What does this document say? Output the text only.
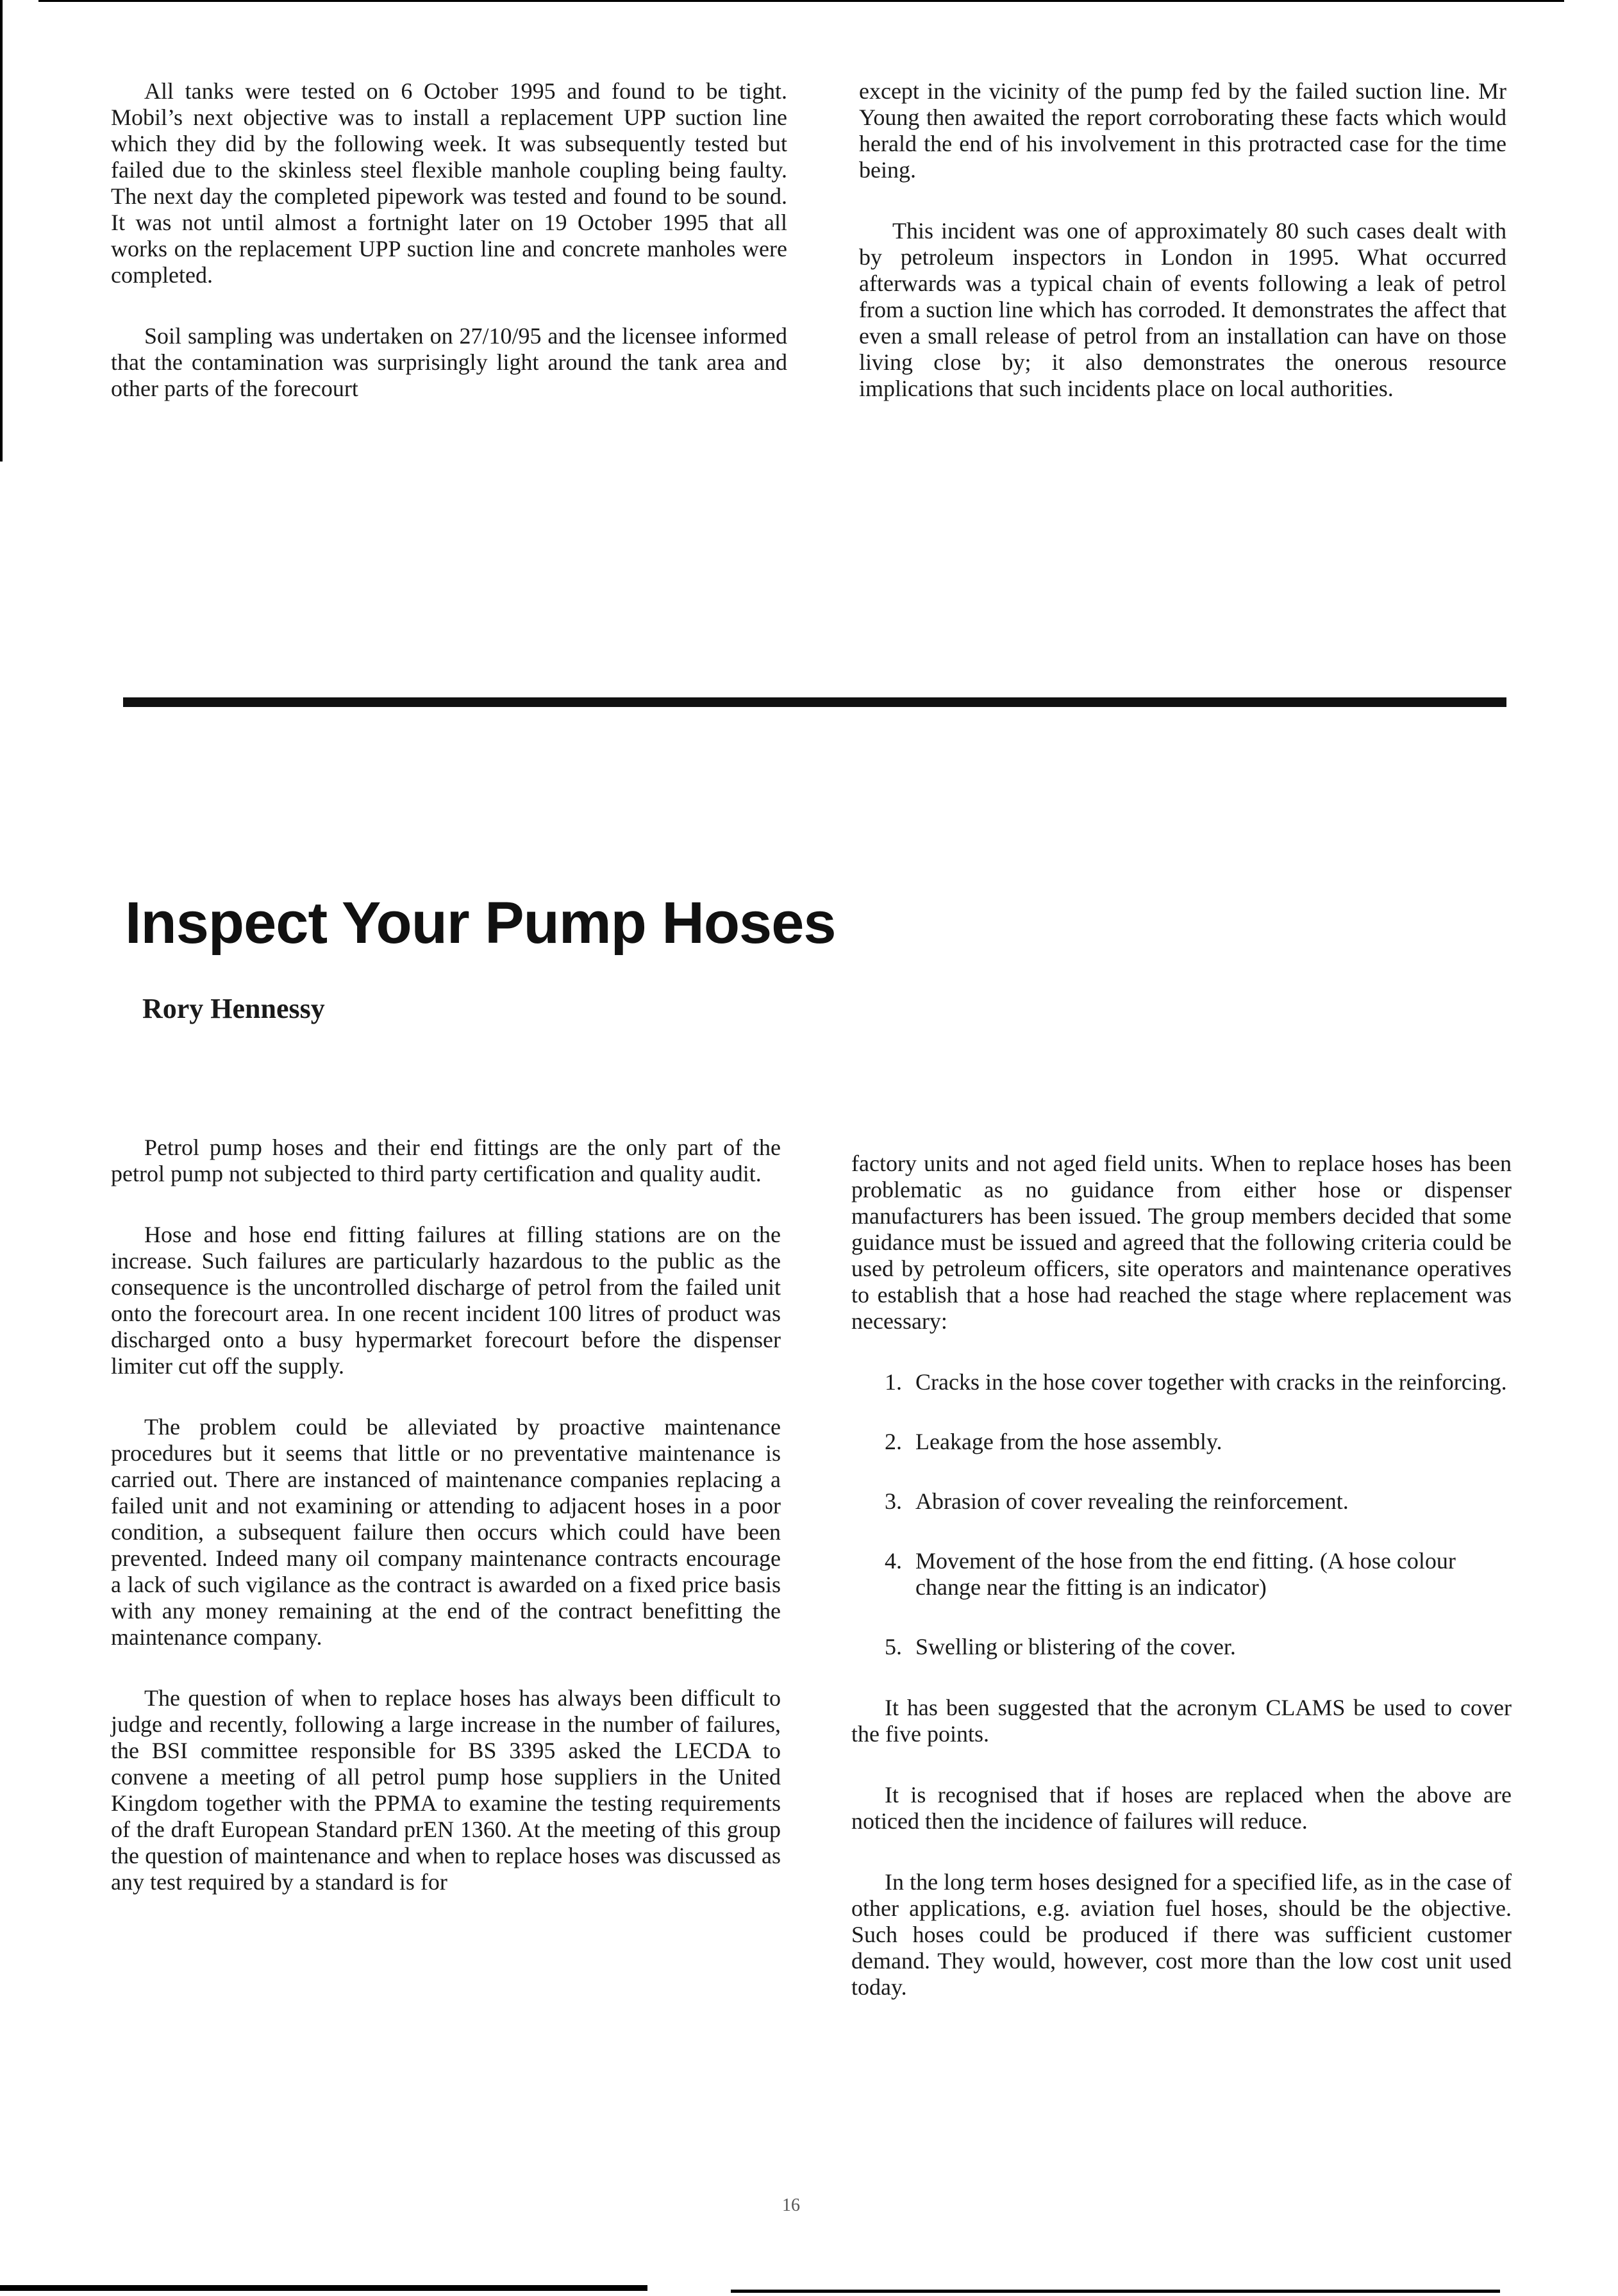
All tanks were tested on 6 October 1995 and found to be tight. Mobil’s next objective was to install a replacement UPP suction line which they did by the following week. It was subsequently tested but failed due to the skinless steel flexible manhole coupling being faulty. The next day the completed pipework was tested and found to be sound. It was not until almost a fortnight later on 19 October 1995 that all works on the replacement UPP suction line and concrete manholes were completed.

Soil sampling was undertaken on 27/10/95 and the licensee informed that the contamination was surprisingly light around the tank area and other parts of the forecourt

except in the vicinity of the pump fed by the failed suction line. Mr Young then awaited the report corroborating these facts which would herald the end of his involvement in this protracted case for the time being.

This incident was one of approximately 80 such cases dealt with by petroleum inspectors in London in 1995. What occurred afterwards was a typical chain of events following a leak of petrol from a suction line which has corroded. It demonstrates the affect that even a small release of petrol from an installation can have on those living close by; it also demonstrates the onerous resource implications that such incidents place on local authorities.

Inspect Your Pump Hoses
Rory Hennessy

Petrol pump hoses and their end fittings are the only part of the petrol pump not subjected to third party certification and quality audit.

Hose and hose end fitting failures at filling stations are on the increase. Such failures are particularly hazardous to the public as the consequence is the uncontrolled discharge of petrol from the failed unit onto the forecourt area. In one recent incident 100 litres of product was discharged onto a busy hypermarket forecourt before the dispenser limiter cut off the supply.

The problem could be alleviated by proactive maintenance procedures but it seems that little or no preventative maintenance is carried out. There are instanced of maintenance companies replacing a failed unit and not examining or attending to adjacent hoses in a poor condition, a subsequent failure then occurs which could have been prevented. Indeed many oil company maintenance contracts encourage a lack of such vigilance as the contract is awarded on a fixed price basis with any money remaining at the end of the contract benefitting the maintenance company.

The question of when to replace hoses has always been difficult to judge and recently, following a large increase in the number of failures, the BSI committee responsible for BS 3395 asked the LECDA to convene a meeting of all petrol pump hose suppliers in the United Kingdom together with the PPMA to examine the testing requirements of the draft European Standard prEN 1360. At the meeting of this group the question of maintenance and when to replace hoses was discussed as any test required by a standard is for

factory units and not aged field units. When to replace hoses has been problematic as no guidance from either hose or dispenser manufacturers has been issued. The group members decided that some guidance must be issued and agreed that the following criteria could be used by petroleum officers, site operators and maintenance operatives to establish that a hose had reached the stage where replacement was necessary:

1. Cracks in the hose cover together with cracks in the reinforcing.
2. Leakage from the hose assembly.
3. Abrasion of cover revealing the reinforcement.
4. Movement of the hose from the end fitting. (A hose colour change near the fitting is an indicator)
5. Swelling or blistering of the cover.

It has been suggested that the acronym CLAMS be used to cover the five points.

It is recognised that if hoses are replaced when the above are noticed then the incidence of failures will reduce.

In the long term hoses designed for a specified life, as in the case of other applications, e.g. aviation fuel hoses, should be the objective. Such hoses could be produced if there was sufficient customer demand. They would, however, cost more than the low cost unit used today.

16
